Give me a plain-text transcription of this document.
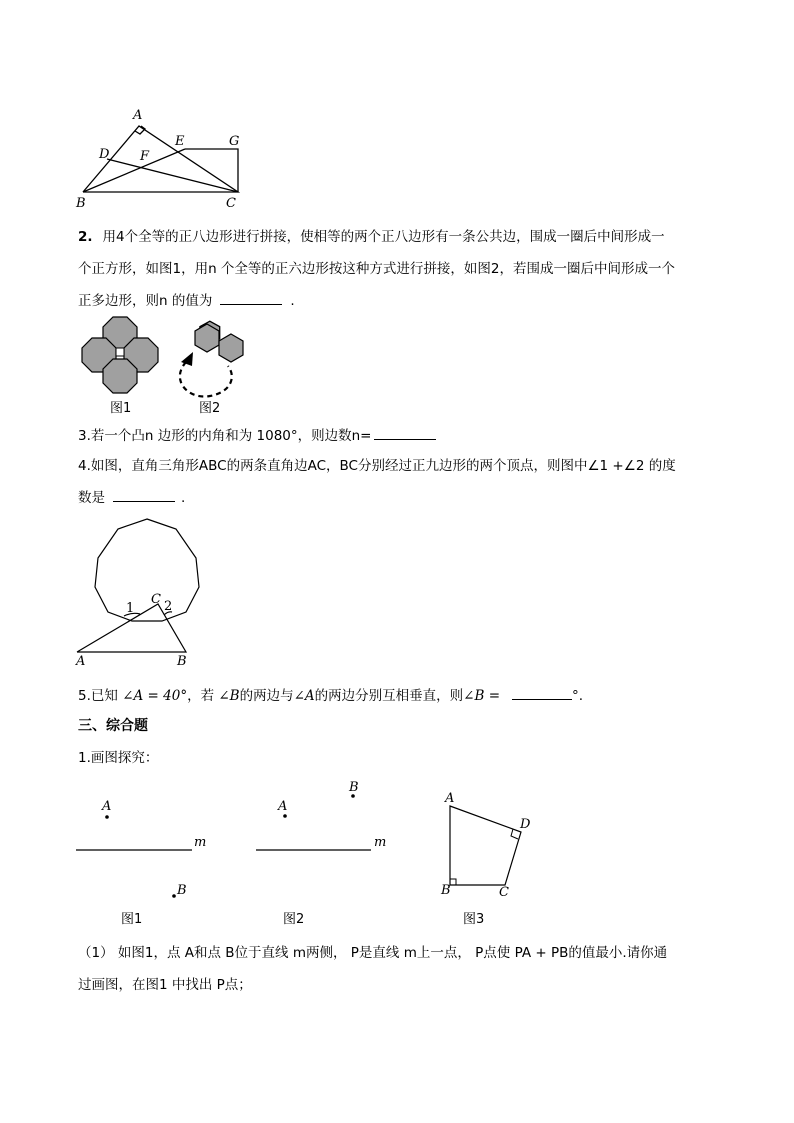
A
D F
E	G
B	C
2. 用4个全等的正八边形进行拼接，使相等的两个正八边形有一条公共边，围成一圈后中间形成一
个正方形，如图1，用n 个全等的正六边形按这种方式进行拼接，如图2，若围成一圈后中间形成一个
正多边形，则n 的值为	.
图1	图2
3.若一个凸n 边形的内角和为 1080°，则边数n=
4.如图，直角三角形ABC的两条直角边AC，BC分别经过正九边形的两个顶点，则图中∠1 +∠2 的度
数是	.
1
C 2
A	B
5.已知 ∠A = 40°，若 ∠B的两边与∠A的两边分别互相垂直，则∠B =	°.
三、综合题
1.画图探究：
A
m
B
图1
A
B
m
图2
A
D
B	C
图3
（1） 如图1，点 A和点 B位于直线 m两侧， P是直线 m上一点， P点使 PA + PB的值最小.请你通
过画图，在图1 中找出 P点；
